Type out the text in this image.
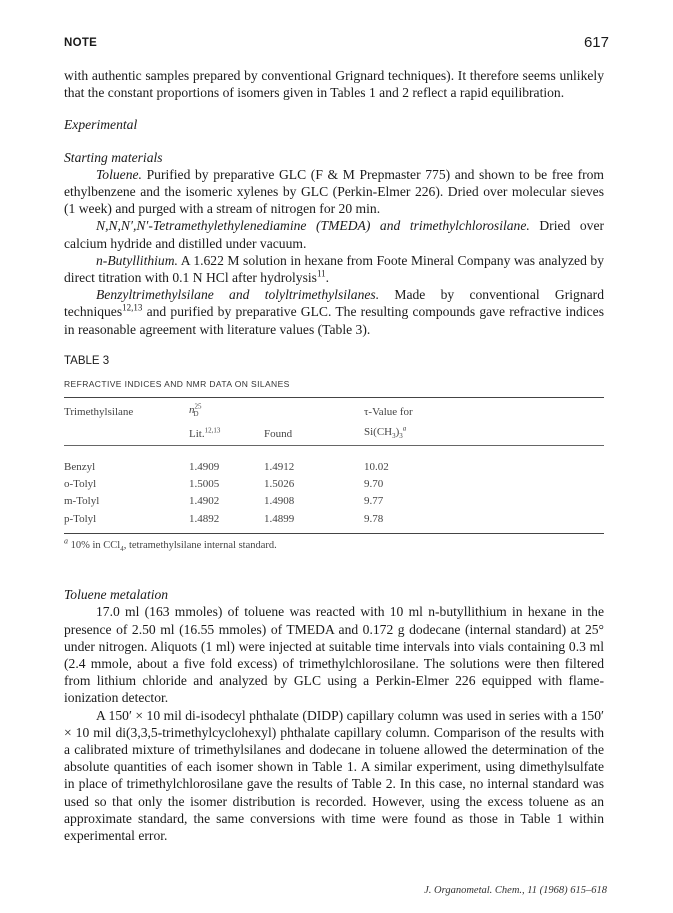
NOTE	617

with authentic samples prepared by conventional Grignard techniques). It therefore seems unlikely that the constant proportions of isomers given in Tables 1 and 2 reflect a rapid equilibration.

Experimental

Starting materials

Toluene. Purified by preparative GLC (F & M Prepmaster 775) and shown to be free from ethylbenzene and the isomeric xylenes by GLC (Perkin-Elmer 226). Dried over molecular sieves (1 week) and purged with a stream of nitrogen for 20 min.

N,N,N′,N′-Tetramethylethylenediamine (TMEDA) and trimethylchlorosilane. Dried over calcium hydride and distilled under vacuum.

n-Butyllithium. A 1.622 M solution in hexane from Foote Mineral Company was analyzed by direct titration with 0.1 N HCl after hydrolysis$^{11}$.

Benzyltrimethylsilane and tolyltrimethylsilanes. Made by conventional Grignard techniques$^{12,13}$ and purified by preparative GLC. The resulting compounds gave refractive indices in reasonable agreement with literature values (Table 3).

TABLE 3
REFRACTIVE INDICES AND NMR DATA ON SILANES
Trimethylsilane	$n^{25}_D$		τ-Value for
	Lit.$^{12,13}$	Found	$Si(CH_3)_3^a$

Benzyl	1.4909	1.4912	10.02
o-Tolyl	1.5005	1.5026	9.70
m-Tolyl	1.4902	1.4908	9.77
p-Tolyl	1.4892	1.4899	9.78
$^a$ 10% in CCl$_4$, tetramethylsilane internal standard.

Toluene metalation

17.0 ml (163 mmoles) of toluene was reacted with 10 ml n-butyllithium in hexane in the presence of 2.50 ml (16.55 mmoles) of TMEDA and 0.172 g dodecane (internal standard) at 25° under nitrogen. Aliquots (1 ml) were injected at suitable time intervals into vials containing 0.3 ml (2.4 mmole, about a five fold excess) of trimethylchlorosilane. The solutions were then filtered from lithium chloride and analyzed by GLC using a Perkin-Elmer 226 equipped with flame-ionization detector.

A 150′ × 10 mil di-isodecyl phthalate (DIDP) capillary column was used in series with a 150′ × 10 mil di(3,3,5-trimethylcyclohexyl) phthalate capillary column. Comparison of the results with a calibrated mixture of trimethylsilanes and dodecane in toluene allowed the determination of the absolute quantities of each isomer shown in Table 1. A similar experiment, using dimethylsulfate in place of trimethylchlorosilane gave the results of Table 2. In this case, no internal standard was used so that only the isomer distribution is recorded. However, using the excess toluene as an approximate standard, the same conversions with time were found as those in Table 1 within experimental error.

J. Organometal. Chem., 11 (1968) 615–618
